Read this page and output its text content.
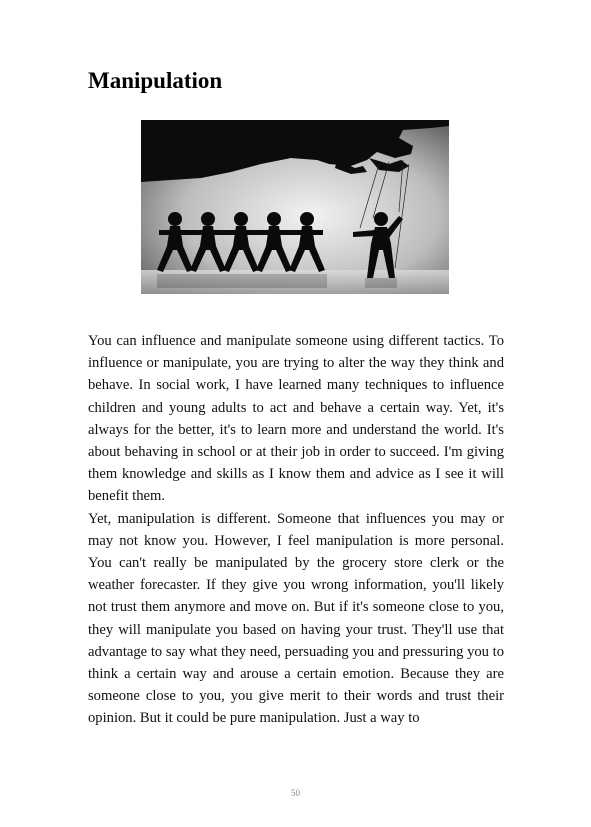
Manipulation

You can influence and manipulate someone using different tactics. To influence or manipulate, you are trying to alter the way they think and behave. In social work, I have learned many techniques to influence children and young adults to act and behave a certain way. Yet, it's always for the better, it's to learn more and understand the world. It's about behaving in school or at their job in order to succeed. I'm giving them knowledge and skills as I know them and advice as I see it will benefit them.

Yet, manipulation is different. Someone that influences you may or may not know you. However, I feel manipulation is more personal. You can't really be manipulated by the grocery store clerk or the weather forecaster. If they give you wrong information, you'll likely not trust them anymore and move on. But if it's someone close to you, they will manipulate you based on having your trust. They'll use that advantage to say what they need, persuading you and pressuring you to think a certain way and arouse a certain emotion. Because they are someone close to you, you give merit to their words and trust their opinion. But it could be pure manipulation. Just a way to

50
